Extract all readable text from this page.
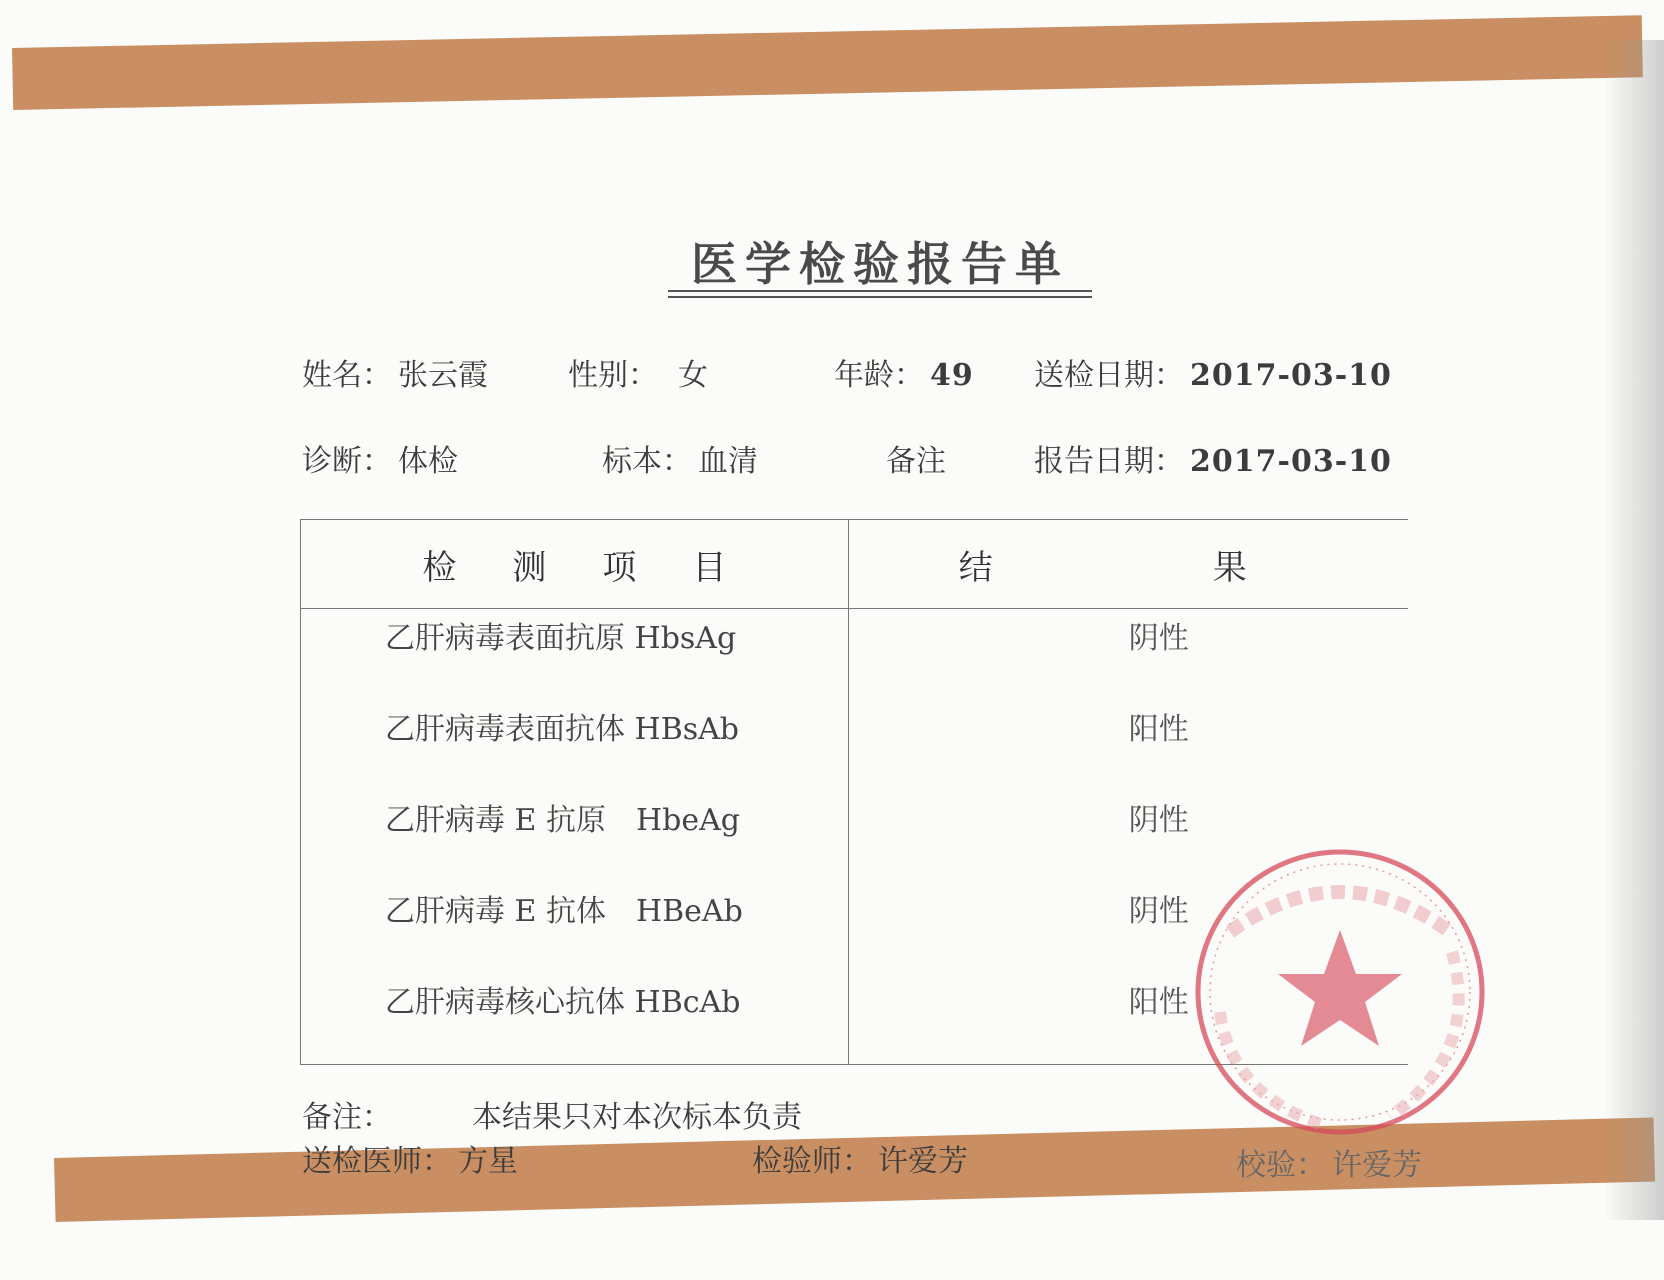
医学检验报告单
姓名： 张云霞	性别： 女	年龄： 49 送检日期： 2017-03-10
诊断： 体检	标本： 血清	备注	报告日期： 2017-03-10
检 测 项 目	结 果
乙肝病毒表面抗原 HbsAg	阴性
乙肝病毒表面抗体 HBsAb	阳性
乙肝病毒 E 抗原　HbeAg	阴性
乙肝病毒 E 抗体　HBeAb	阴性
乙肝病毒核心抗体 HBcAb	阳性
备注：	本结果只对本次标本负责
送检医师： 方星	检验师： 许爱芳	校验： 许爱芳
